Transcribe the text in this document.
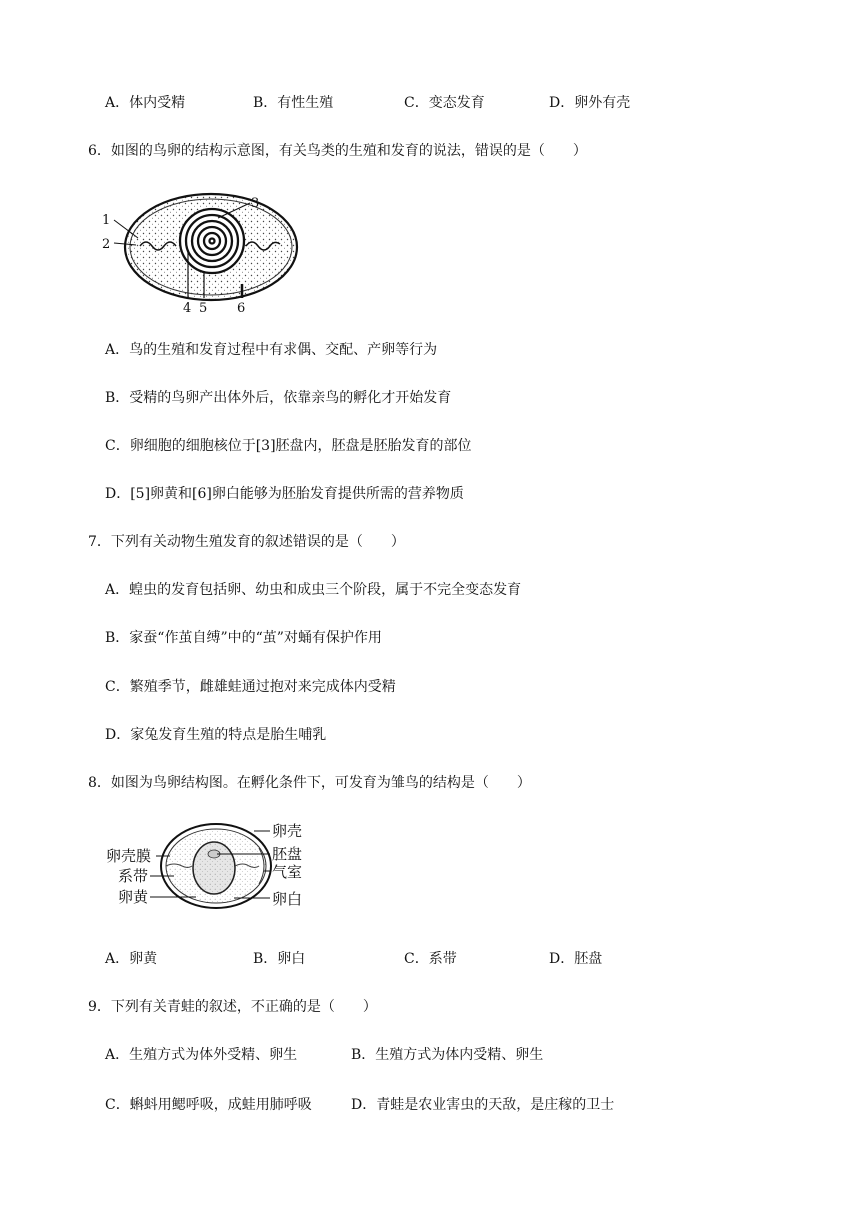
A．体内受精	B．有性生殖	C．变态发育	D．卵外有壳
6．如图的鸟卵的结构示意图，有关鸟类的生殖和发育的说法，错误的是（　　）
1
2
3
4 5 6
A．鸟的生殖和发育过程中有求偶、交配、产卵等行为
B．受精的鸟卵产出体外后，依靠亲鸟的孵化才开始发育
C．卵细胞的细胞核位于[3]胚盘内，胚盘是胚胎发育的部位
D．[5]卵黄和[6]卵白能够为胚胎发育提供所需的营养物质
7．下列有关动物生殖发育的叙述错误的是（　　）
A．蝗虫的发育包括卵、幼虫和成虫三个阶段，属于不完全变态发育
B．家蚕“作茧自缚”中的“茧”对蛹有保护作用
C．繁殖季节，雌雄蛙通过抱对来完成体内受精
D．家兔发育生殖的特点是胎生哺乳
8．如图为鸟卵结构图。在孵化条件下，可发育为雏鸟的结构是（　　）
卵壳
胚盘
气室
卵白
卵壳膜
系带
卵黄
A．卵黄	B．卵白	C．系带	D．胚盘
9．下列有关青蛙的叙述，不正确的是（　　）
A．生殖方式为体外受精、卵生	B．生殖方式为体内受精、卵生
C．蝌蚪用鳃呼吸，成蛙用肺呼吸	D．青蛙是农业害虫的天敌，是庄稼的卫士
